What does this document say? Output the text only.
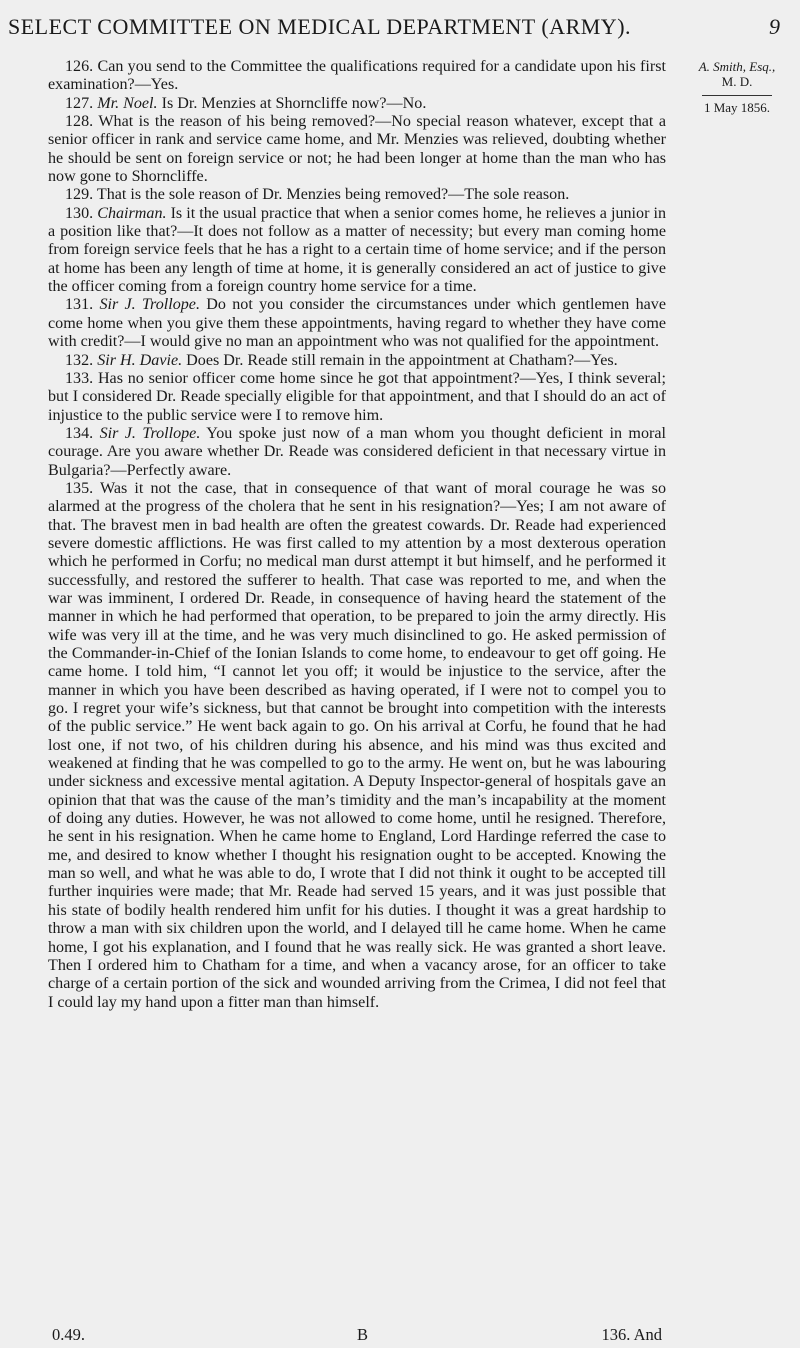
SELECT COMMITTEE ON MEDICAL DEPARTMENT (ARMY).	9
A. Smith, Esq.,
M. D.
1 May 1856.

126. Can you send to the Committee the qualifications required for a candidate upon his first examination?—Yes.

127. Mr. Noel. Is Dr. Menzies at Shorncliffe now?—No.

128. What is the reason of his being removed?—No special reason whatever, except that a senior officer in rank and service came home, and Mr. Menzies was relieved, doubting whether he should be sent on foreign service or not; he had been longer at home than the man who has now gone to Shorncliffe.

129. That is the sole reason of Dr. Menzies being removed?—The sole reason.

130. Chairman. Is it the usual practice that when a senior comes home, he relieves a junior in a position like that?—It does not follow as a matter of necessity; but every man coming home from foreign service feels that he has a right to a certain time of home service; and if the person at home has been any length of time at home, it is generally considered an act of justice to give the officer coming from a foreign country home service for a time.

131. Sir J. Trollope. Do not you consider the circumstances under which gentlemen have come home when you give them these appointments, having regard to whether they have come with credit?—I would give no man an appointment who was not qualified for the appointment.

132. Sir H. Davie. Does Dr. Reade still remain in the appointment at Chatham?—Yes.

133. Has no senior officer come home since he got that appointment?—Yes, I think several; but I considered Dr. Reade specially eligible for that appointment, and that I should do an act of injustice to the public service were I to remove him.

134. Sir J. Trollope. You spoke just now of a man whom you thought deficient in moral courage. Are you aware whether Dr. Reade was considered deficient in that necessary virtue in Bulgaria?—Perfectly aware.

135. Was it not the case, that in consequence of that want of moral courage he was so alarmed at the progress of the cholera that he sent in his resignation?—Yes; I am not aware of that. The bravest men in bad health are often the greatest cowards. Dr. Reade had experienced severe domestic afflictions. He was first called to my attention by a most dexterous operation which he performed in Corfu; no medical man durst attempt it but himself, and he performed it successfully, and restored the sufferer to health. That case was reported to me, and when the war was imminent, I ordered Dr. Reade, in consequence of having heard the statement of the manner in which he had performed that operation, to be prepared to join the army directly. His wife was very ill at the time, and he was very much disinclined to go. He asked permission of the Commander-in-Chief of the Ionian Islands to come home, to endeavour to get off going. He came home. I told him, “I cannot let you off; it would be injustice to the service, after the manner in which you have been described as having operated, if I were not to compel you to go. I regret your wife’s sickness, but that cannot be brought into competition with the interests of the public service.” He went back again to go. On his arrival at Corfu, he found that he had lost one, if not two, of his children during his absence, and his mind was thus excited and weakened at finding that he was compelled to go to the army. He went on, but he was labouring under sickness and excessive mental agitation. A Deputy Inspector-general of hospitals gave an opinion that that was the cause of the man’s timidity and the man’s incapability at the moment of doing any duties. However, he was not allowed to come home, until he resigned. Therefore, he sent in his resignation. When he came home to England, Lord Hardinge referred the case to me, and desired to know whether I thought his resignation ought to be accepted. Knowing the man so well, and what he was able to do, I wrote that I did not think it ought to be accepted till further inquiries were made; that Mr. Reade had served 15 years, and it was just possible that his state of bodily health rendered him unfit for his duties. I thought it was a great hardship to throw a man with six children upon the world, and I delayed till he came home. When he came home, I got his explanation, and I found that he was really sick. He was granted a short leave. Then I ordered him to Chatham for a time, and when a vacancy arose, for an officer to take charge of a certain portion of the sick and wounded arriving from the Crimea, I did not feel that I could lay my hand upon a fitter man than himself.

0.49.	B	136. And
